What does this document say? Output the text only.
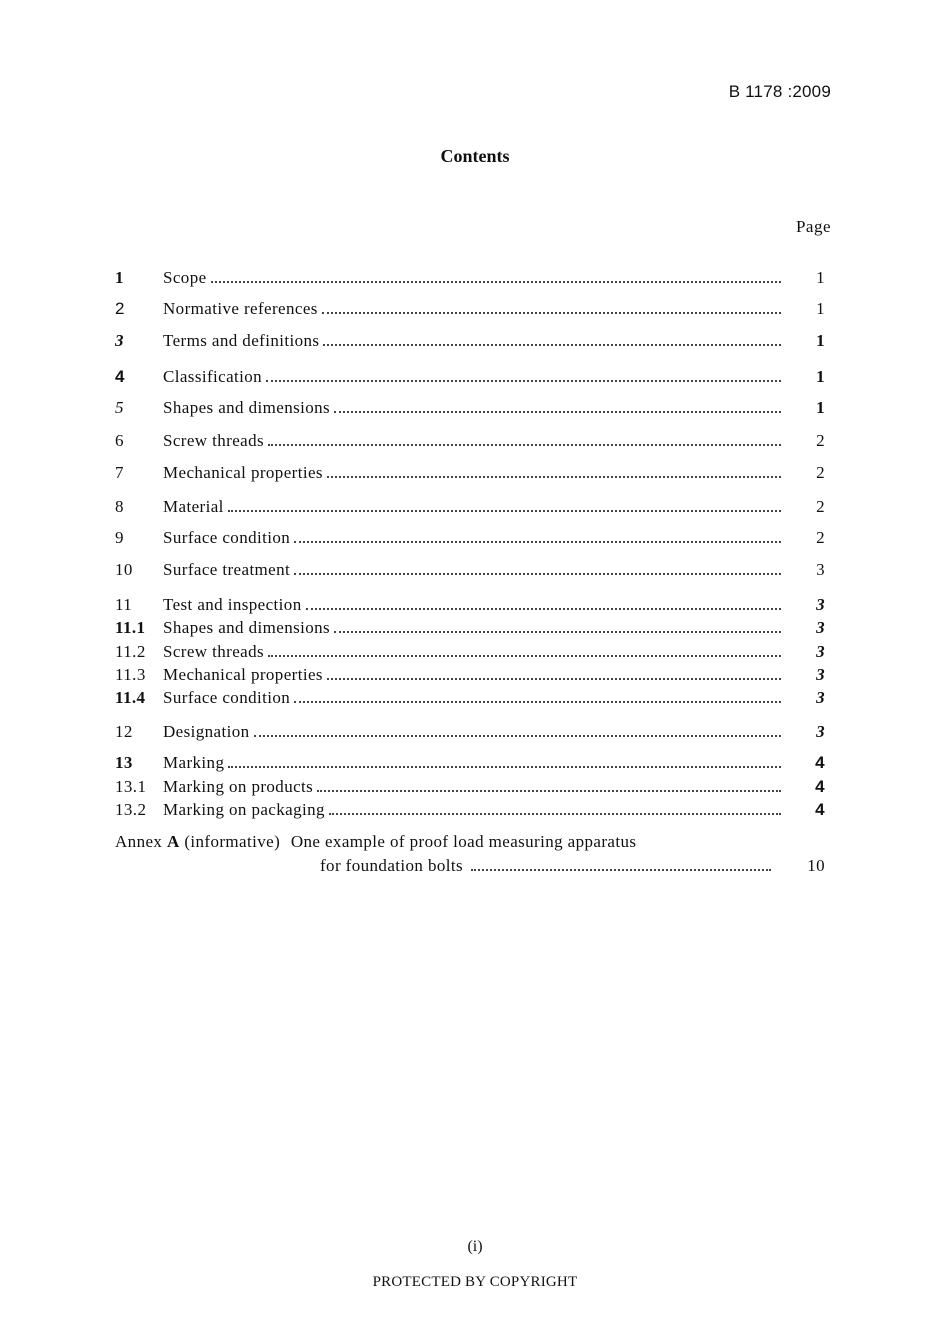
B 1178 :2009
Contents
Page
1	Scope	1
2	Normative references	1
3	Terms and definitions	1
4	Classification	1
5	Shapes and dimensions	1
6	Screw threads	2
7	Mechanical properties	2
8	Material	2
9	Surface condition	2
10	Surface treatment	3
11	Test and inspection	3
11.1	Shapes and dimensions	3
11.2	Screw threads	3
11.3	Mechanical properties	3
11.4	Surface condition	3
12	Designation	3
13	Marking	4
13.1 Marking on products	4
13.2 Marking on packaging	4
Annex A (informative) One example of proof load measuring apparatus
for foundation bolts	10
(i)
PROTECTED BY COPYRIGHT
